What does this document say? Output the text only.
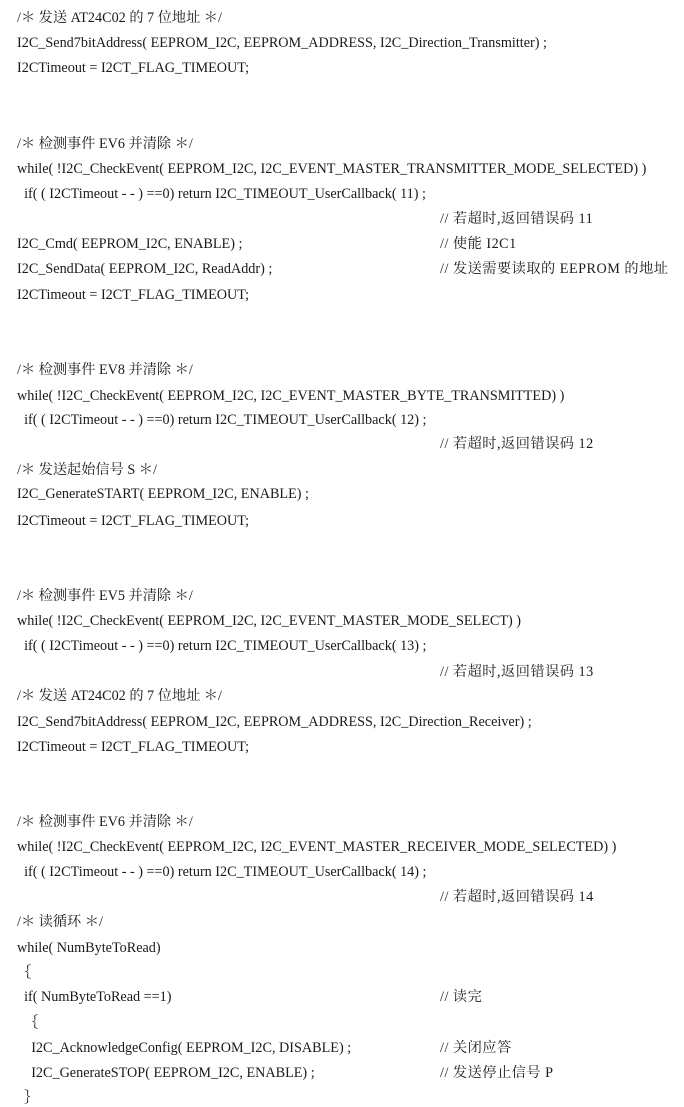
/＊ 发送 AT24C02 的 7 位地址 ＊/
I2C_Send7bitAddress( EEPROM_I2C, EEPROM_ADDRESS, I2C_Direction_Transmitter) ;
I2CTimeout = I2CT_FLAG_TIMEOUT;
/＊ 检测事件 EV6 并清除 ＊/
while( !I2C_CheckEvent( EEPROM_I2C, I2C_EVENT_MASTER_TRANSMITTER_MODE_SELECTED) )
if( ( I2CTimeout - - ) ==0) return I2C_TIMEOUT_UserCallback( 11) ;
// 若超时,返回错误码 11
I2C_Cmd( EEPROM_I2C, ENABLE) ;	// 使能 I2C1
I2C_SendData( EEPROM_I2C, ReadAddr) ;	// 发送需要读取的 EEPROM 的地址
I2CTimeout = I2CT_FLAG_TIMEOUT;
/＊ 检测事件 EV8 并清除 ＊/
while( !I2C_CheckEvent( EEPROM_I2C, I2C_EVENT_MASTER_BYTE_TRANSMITTED) )
if( ( I2CTimeout - - ) ==0) return I2C_TIMEOUT_UserCallback( 12) ;
// 若超时,返回错误码 12
/＊ 发送起始信号 S ＊/
I2C_GenerateSTART( EEPROM_I2C, ENABLE) ;
I2CTimeout = I2CT_FLAG_TIMEOUT;
/＊ 检测事件 EV5 并清除 ＊/
while( !I2C_CheckEvent( EEPROM_I2C, I2C_EVENT_MASTER_MODE_SELECT) )
if( ( I2CTimeout - - ) ==0) return I2C_TIMEOUT_UserCallback( 13) ;
// 若超时,返回错误码 13
/＊ 发送 AT24C02 的 7 位地址 ＊/
I2C_Send7bitAddress( EEPROM_I2C, EEPROM_ADDRESS, I2C_Direction_Receiver) ;
I2CTimeout = I2CT_FLAG_TIMEOUT;
/＊ 检测事件 EV6 并清除 ＊/
while( !I2C_CheckEvent( EEPROM_I2C, I2C_EVENT_MASTER_RECEIVER_MODE_SELECTED) )
if( ( I2CTimeout - - ) ==0) return I2C_TIMEOUT_UserCallback( 14) ;
// 若超时,返回错误码 14
/＊ 读循环 ＊/
while( NumByteToRead)
｛
if( NumByteToRead ==1)	// 读完
｛
I2C_AcknowledgeConfig( EEPROM_I2C, DISABLE) ;	// 关闭应答
I2C_GenerateSTOP( EEPROM_I2C, ENABLE) ;	// 发送停止信号 P
｝
